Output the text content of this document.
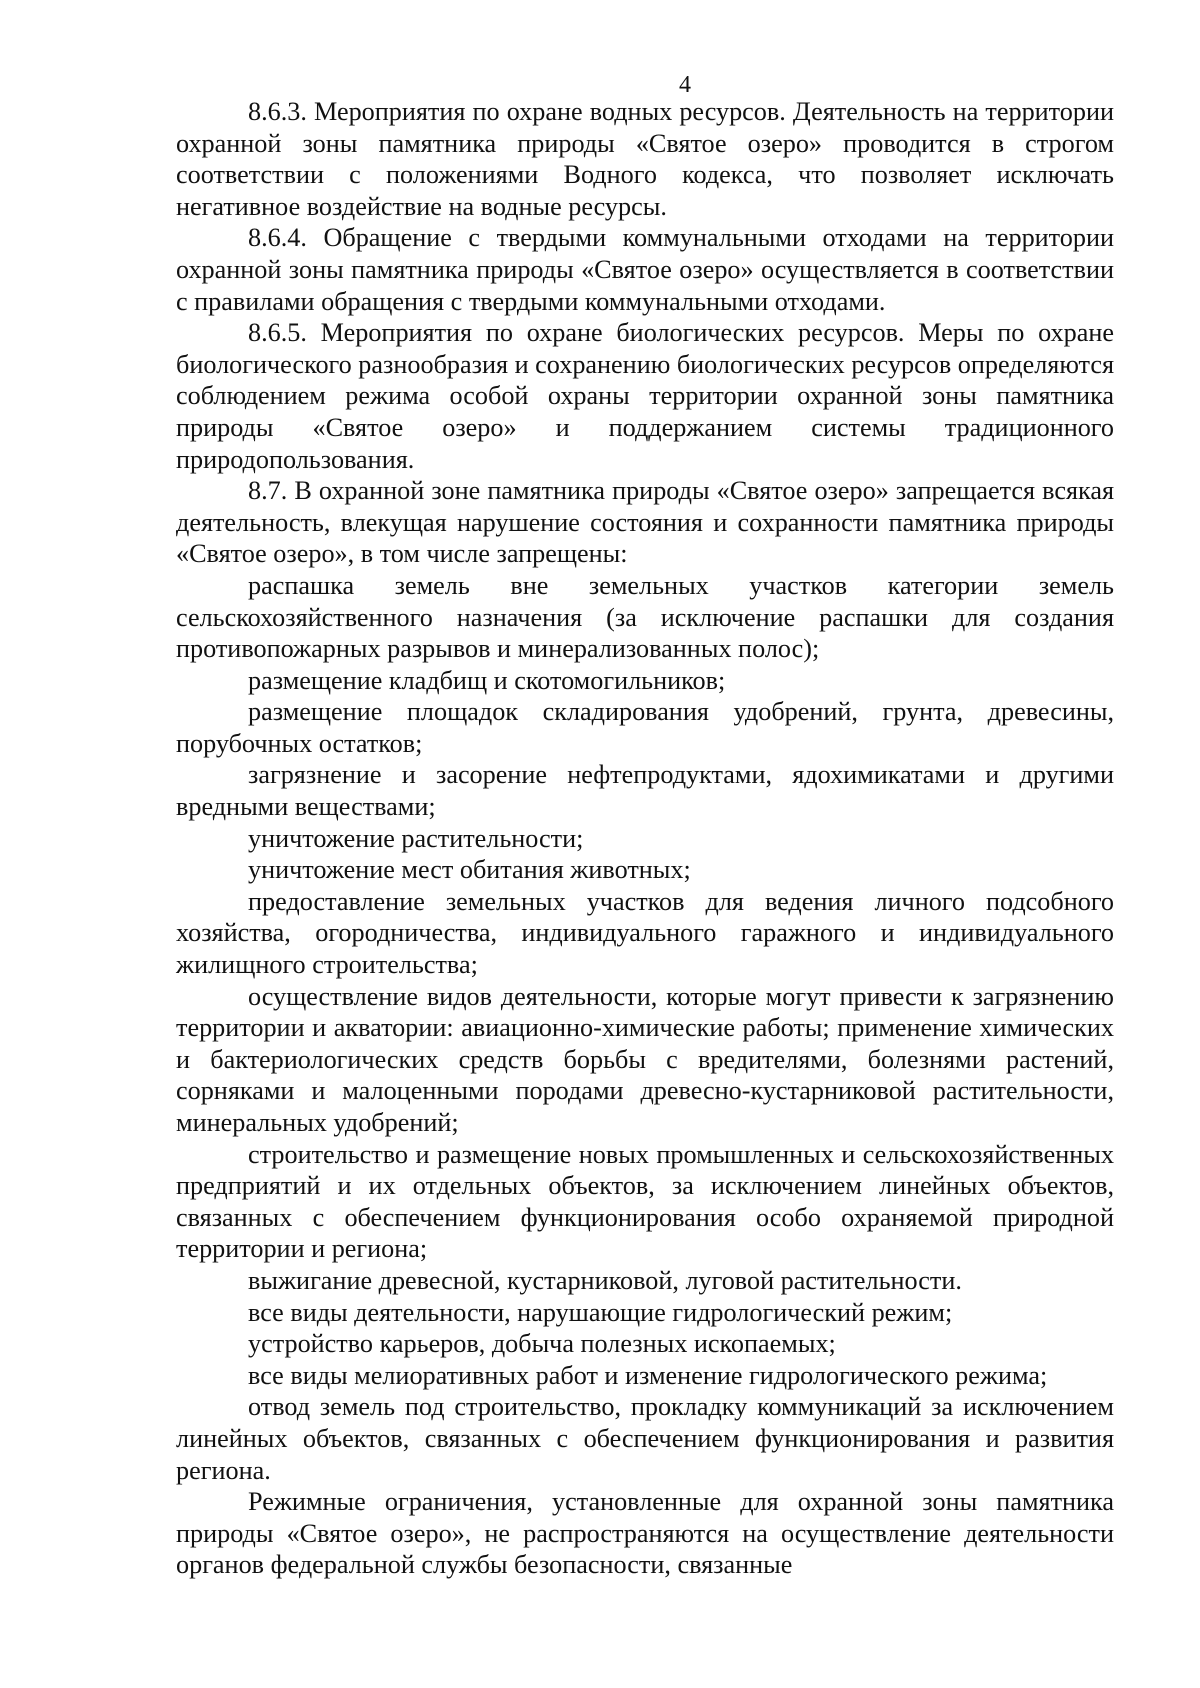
4

8.6.3. Мероприятия по охране водных ресурсов. Деятельность на территории охранной зоны памятника природы «Святое озеро» проводится в строгом соответствии с положениями Водного кодекса, что позволяет исключать негативное воздействие на водные ресурсы.

8.6.4. Обращение с твердыми коммунальными отходами на территории охранной зоны памятника природы «Святое озеро» осуществляется в соответствии с правилами обращения с твердыми коммунальными отходами.

8.6.5. Мероприятия по охране биологических ресурсов. Меры по охране биологического разнообразия и сохранению биологических ресурсов определяются соблюдением режима особой охраны территории охранной зоны памятника природы «Святое озеро» и поддержанием системы традиционного природопользования.

8.7. В охранной зоне памятника природы «Святое озеро» запрещается всякая деятельность, влекущая нарушение состояния и сохранности памятника природы «Святое озеро», в том числе запрещены:

распашка земель вне земельных участков категории земель сельскохозяйственного назначения (за исключение распашки для создания противопожарных разрывов и минерализованных полос);

размещение кладбищ и скотомогильников;

размещение площадок складирования удобрений, грунта, древесины, порубочных остатков;

загрязнение и засорение нефтепродуктами, ядохимикатами и другими вредными веществами;

уничтожение растительности;

уничтожение мест обитания животных;

предоставление земельных участков для ведения личного подсобного хозяйства, огородничества, индивидуального гаражного и индивидуального жилищного строительства;

осуществление видов деятельности, которые могут привести к загрязнению территории и акватории: авиационно-химические работы; применение химических и бактериологических средств борьбы с вредителями, болезнями растений, сорняками и малоценными породами древесно-кустарниковой растительности, минеральных удобрений;

строительство и размещение новых промышленных и сельскохозяйственных предприятий и их отдельных объектов, за исключением линейных объектов, связанных с обеспечением функционирования особо охраняемой природной территории и региона;

выжигание древесной, кустарниковой, луговой растительности.

все виды деятельности, нарушающие гидрологический режим;

устройство карьеров, добыча полезных ископаемых;

все виды мелиоративных работ и изменение гидрологического режима;

отвод земель под строительство, прокладку коммуникаций за исключением линейных объектов, связанных с обеспечением функционирования и развития региона.

Режимные ограничения, установленные для охранной зоны памятника природы «Святое озеро», не распространяются на осуществление деятельности органов федеральной службы безопасности, связанные
